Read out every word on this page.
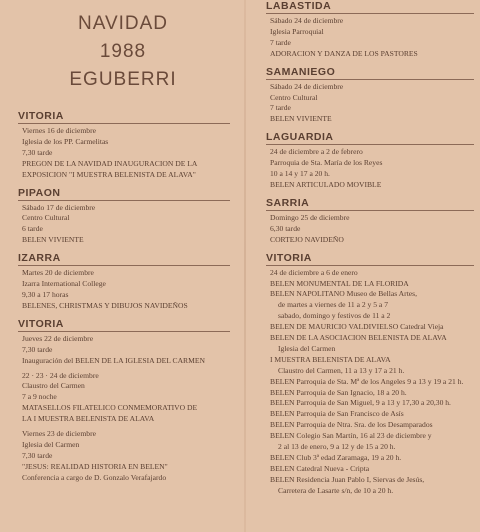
NAVIDAD
1988
EGUBERRI
VITORIA
Viernes 16 de diciembre
Iglesia de los PP. Carmelitas
7,30 tarde
PREGON DE LA NAVIDAD INAUGURACION DE LA
EXPOSICION "I MUESTRA BELENISTA DE ALAVA"
PIPAON
Sábado 17 de diciembre
Centro Cultural
6 tarde
BELEN VIVIENTE
IZARRA
Martes 20 de diciembre
Izarra International College
9,30 a 17 horas
BELENES, CHRISTMAS Y DIBUJOS NAVIDEÑOS
VITORIA
Jueves 22 de diciembre
7,30 tarde
Inauguración del BELEN DE LA IGLESIA DEL CARMEN
22 · 23 · 24 de diciembre
Claustro del Carmen
7 a 9 noche
MATASELLOS FILATELICO CONMEMORATIVO DE
LA I MUESTRA BELENISTA DE ALAVA
Viernes 23 de diciembre
Iglesia del Carmen
7,30 tarde
"JESUS: REALIDAD HISTORIA EN BELEN"
Conferencia a cargo de D. Gonzalo Verafajardo
LABASTIDA
Sábado 24 de diciembre
Iglesia Parroquial
7 tarde
ADORACION Y DANZA DE LOS PASTORES
SAMANIEGO
Sábado 24 de diciembre
Centro Cultural
7 tarde
BELEN VIVIENTE
LAGUARDIA
24 de diciembre a 2 de febrero
Parroquia de Sta. María de los Reyes
10 a 14 y 17 a 20 h.
BELEN ARTICULADO MOVIBLE
SARRIA
Domingo 25 de diciembre
6,30 tarde
CORTEJO NAVIDEÑO
VITORIA
24 de diciembre a 6 de enero
BELEN MONUMENTAL DE LA FLORIDA
BELEN NAPOLITANO Museo de Bellas Artes,
de martes a viernes de 11 a 2 y 5 a 7
sabado, domingo y festivos de 11 a 2
BELEN DE MAURICIO VALDIVIELSO Catedral Vieja
BELEN DE LA ASOCIACION BELENISTA DE ALAVA
Iglesia del Carmen
I MUESTRA BELENISTA DE ALAVA
Claustro del Carmen, 11 a 13 y 17 a 21 h.
BELEN Parroquia de Sta. Mª de los Angeles 9 a 13 y 19 a 21 h.
BELEN Parroquia de San Ignacio, 18 a 20 h.
BELEN Parroquia de San Miguel, 9 a 13 y 17,30 a 20,30 h.
BELEN Parroquia de San Francisco de Asís
BELEN Parroquia de Ntra. Sra. de los Desamparados
BELEN Colegio San Martín, 16 al 23 de diciembre y
2 al 13 de enero, 9 a 12 y de 15 a 20 h.
BELEN Club 3ª edad Zaramaga, 19 a 20 h.
BELEN Catedral Nueva - Cripta
BELEN Residencia Juan Pablo I, Siervas de Jesús,
Carretera de Lasarte s/n, de 10 a 20 h.
